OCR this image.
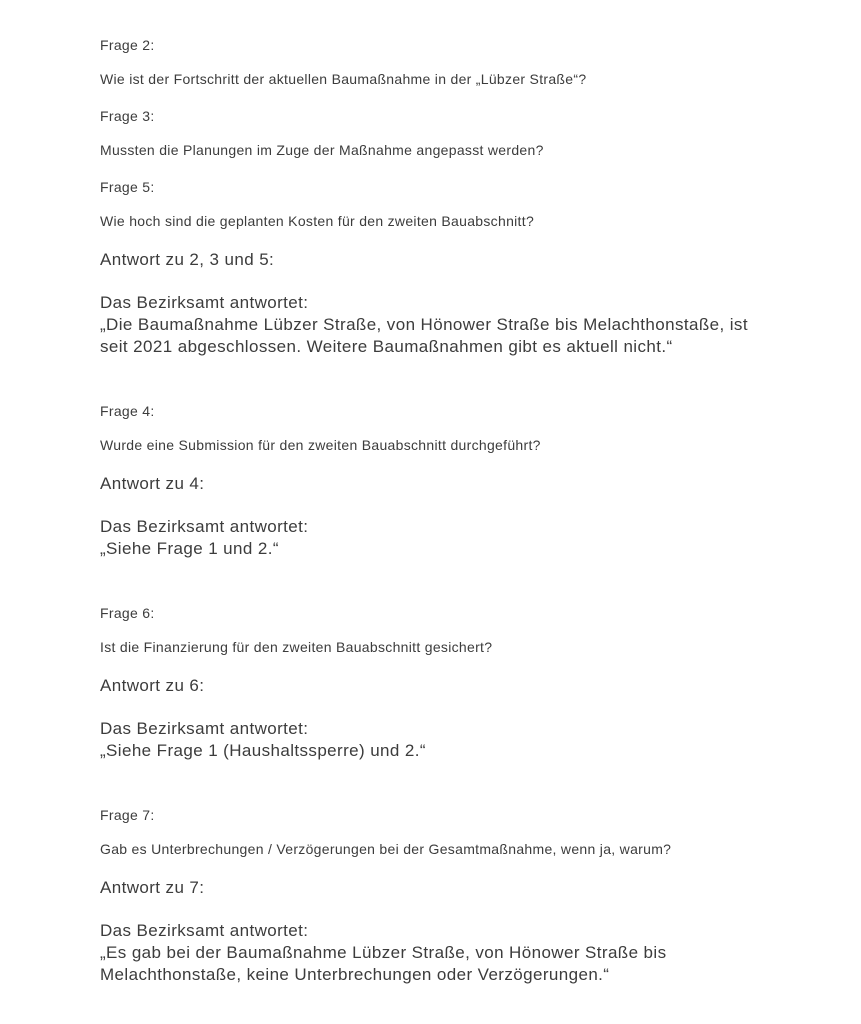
Frage 2:

Wie ist der Fortschritt der aktuellen Baumaßnahme in der „Lübzer Straße“?

Frage 3:

Mussten die Planungen im Zuge der Maßnahme angepasst werden?

Frage 5:

Wie hoch sind die geplanten Kosten für den zweiten Bauabschnitt?

Antwort zu 2, 3 und 5:

Das Bezirksamt antwortet:
„Die Baumaßnahme Lübzer Straße, von Hönower Straße bis Melachthonstaße, ist
seit 2021 abgeschlossen. Weitere Baumaßnahmen gibt es aktuell nicht.“

Frage 4:

Wurde eine Submission für den zweiten Bauabschnitt durchgeführt?

Antwort zu 4:

Das Bezirksamt antwortet:
„Siehe Frage 1 und 2.“

Frage 6:

Ist die Finanzierung für den zweiten Bauabschnitt gesichert?

Antwort zu 6:

Das Bezirksamt antwortet:
„Siehe Frage 1 (Haushaltssperre) und 2.“

Frage 7:

Gab es Unterbrechungen / Verzögerungen bei der Gesamtmaßnahme, wenn ja, warum?

Antwort zu 7:

Das Bezirksamt antwortet:
„Es gab bei der Baumaßnahme Lübzer Straße, von Hönower Straße bis
Melachthonstaße, keine Unterbrechungen oder Verzögerungen.“
